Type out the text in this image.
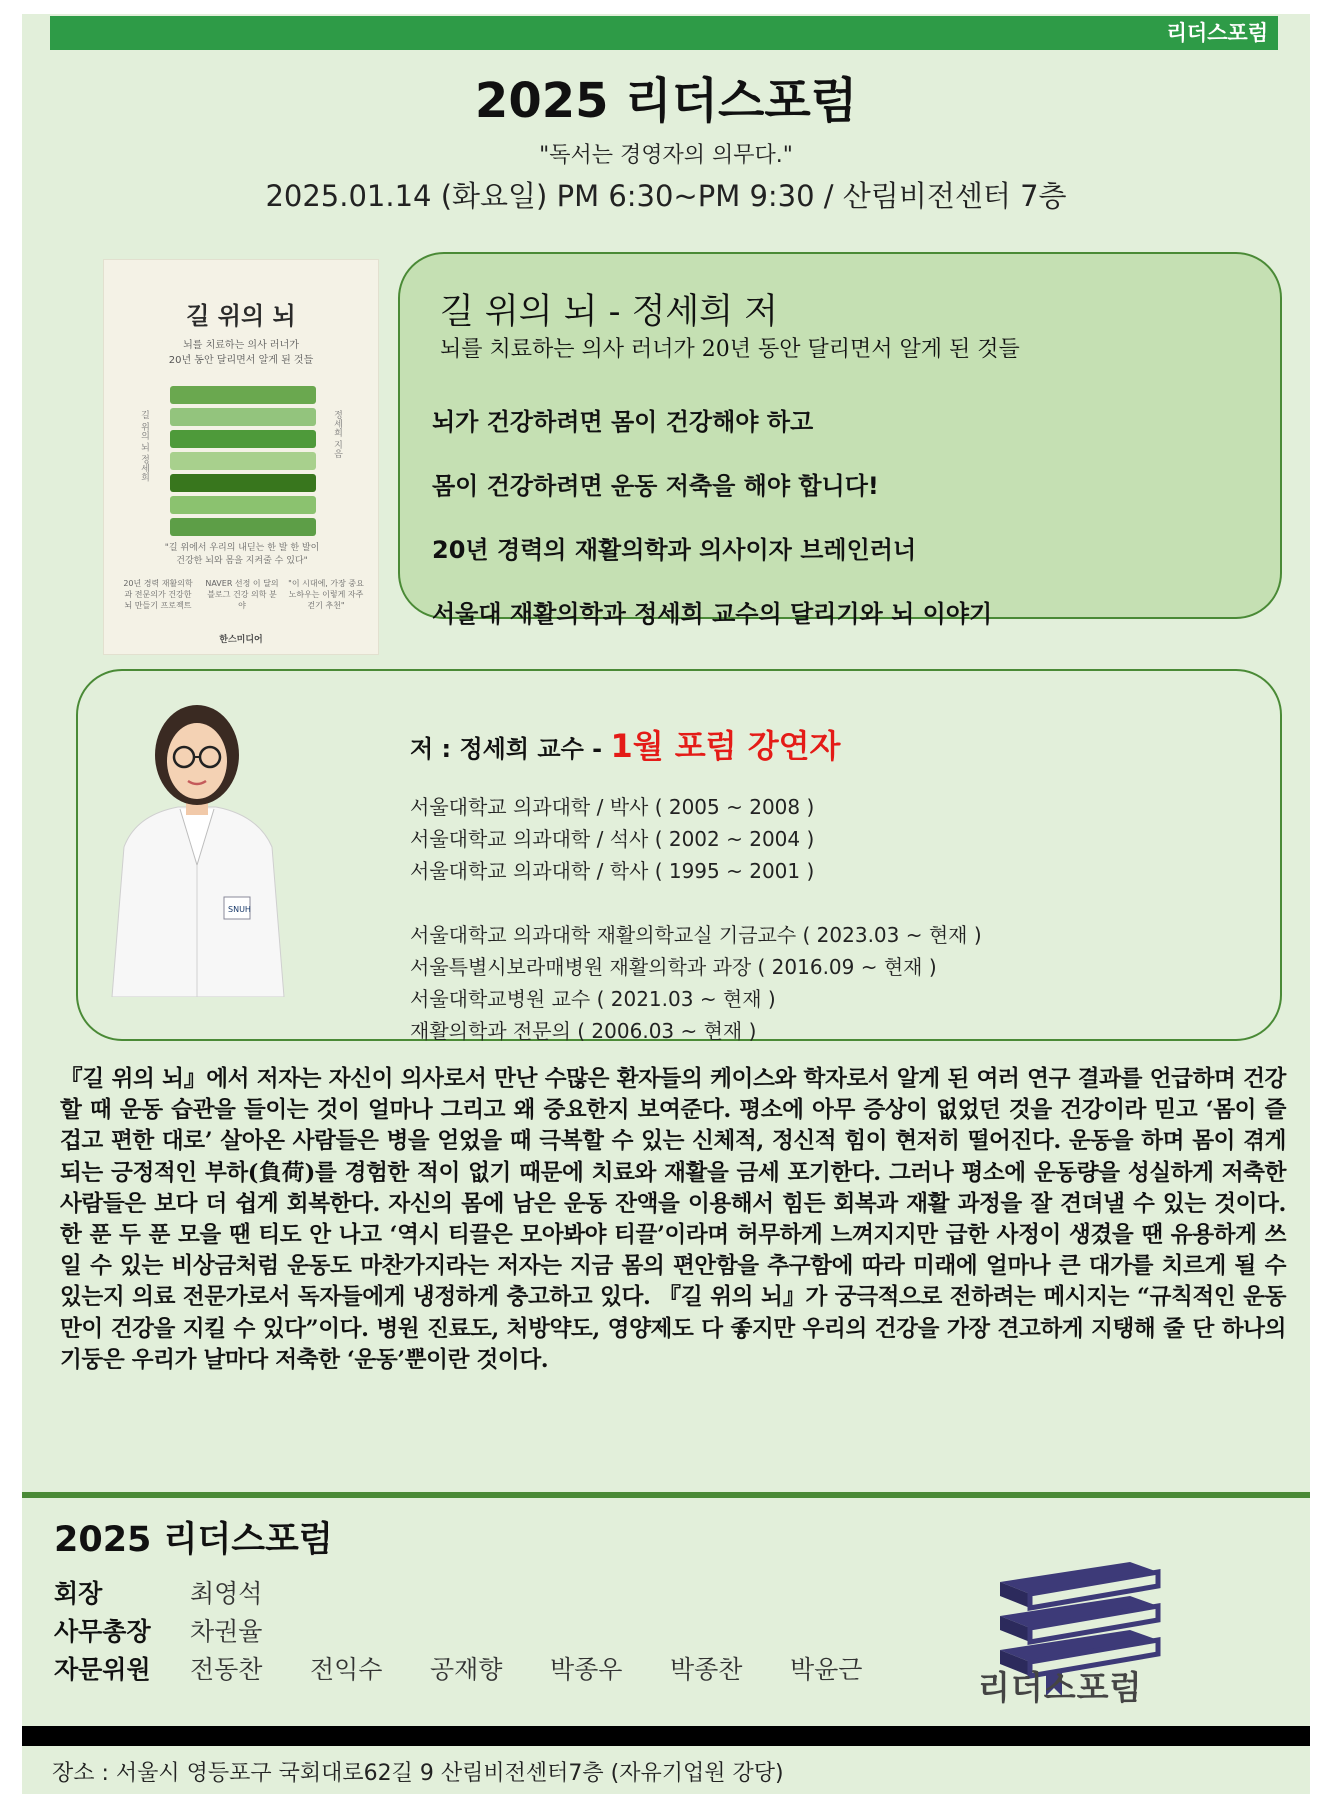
리더스포럼
2025 리더스포럼
"독서는 경영자의 의무다."
2025.01.14 (화요일) PM 6:30~PM 9:30 / 산림비전센터 7층
길 위의 뇌
뇌를 치료하는 의사 러너가
20년 동안 달리면서 알게 된 것들
길 위의 뇌 정세희	정세희 지음
"길 위에서 우리의 내딛는 한 발 한 발이
건강한 뇌와 몸을 지켜줄 수 있다"
20년 경력 재활의학과 전문의가 건강한 뇌 만들기 프로젝트
NAVER 선정 이 달의 블로그 건강 의학 분야
"이 시대에, 가장 중요 노하우는 이렇게 자주 걷기 추천"
한스미디어
길 위의 뇌 - 정세희 저
뇌를 치료하는 의사 러너가 20년 동안 달리면서 알게 된 것들
뇌가 건강하려면 몸이 건강해야 하고
몸이 건강하려면 운동 저축을 해야 합니다!
20년 경력의 재활의학과 의사이자 브레인러너
서울대 재활의학과 정세희 교수의 달리기와 뇌 이야기
SNUH
저 : 정세희 교수 - 1월 포럼 강연자
서울대학교 의과대학 / 박사 ( 2005 ~ 2008 )
서울대학교 의과대학 / 석사 ( 2002 ~ 2004 )
서울대학교 의과대학 / 학사 ( 1995 ~ 2001 )
서울대학교 의과대학 재활의학교실 기금교수 ( 2023.03 ~ 현재 )
서울특별시보라매병원 재활의학과 과장 ( 2016.09 ~ 현재 )
서울대학교병원 교수 ( 2021.03 ~ 현재 )
재활의학과 전문의 ( 2006.03 ~ 현재 )
『길 위의 뇌』에서 저자는 자신이 의사로서 만난 수많은 환자들의 케이스와 학자로서 알게 된 여러 연구 결과를 언급하며 건강할 때 운동 습관을 들이는 것이 얼마나 그리고 왜 중요한지 보여준다. 평소에 아무 증상이 없었던 것을 건강이라 믿고 ‘몸이 즐겁고 편한 대로’ 살아온 사람들은 병을 얻었을 때 극복할 수 있는 신체적, 정신적 힘이 현저히 떨어진다. 운동을 하며 몸이 겪게 되는 긍정적인 부하(負荷)를 경험한 적이 없기 때문에 치료와 재활을 금세 포기한다. 그러나 평소에 운동량을 성실하게 저축한 사람들은 보다 더 쉽게 회복한다. 자신의 몸에 남은 운동 잔액을 이용해서 힘든 회복과 재활 과정을 잘 견뎌낼 수 있는 것이다. 한 푼 두 푼 모을 땐 티도 안 나고 ‘역시 티끌은 모아봐야 티끌’이라며 허무하게 느껴지지만 급한 사정이 생겼을 땐 유용하게 쓰일 수 있는 비상금처럼 운동도 마찬가지라는 저자는 지금 몸의 편안함을 추구함에 따라 미래에 얼마나 큰 대가를 치르게 될 수 있는지 의료 전문가로서 독자들에게 냉정하게 충고하고 있다. 『길 위의 뇌』가 궁극적으로 전하려는 메시지는 “규칙적인 운동만이 건강을 지킬 수 있다”이다. 병원 진료도, 처방약도, 영양제도 다 좋지만 우리의 건강을 가장 견고하게 지탱해 줄 단 하나의 기둥은 우리가 날마다 저축한 ‘운동’뿐이란 것이다.
2025 리더스포럼
회장	최영석
사무총장 차권율
자문위원 전동찬 전익수 공재향 박종우 박종찬 박윤근	리더스포럼
장소 : 서울시 영등포구 국회대로62길 9 산림비전센터7층 (자유기업원 강당)
